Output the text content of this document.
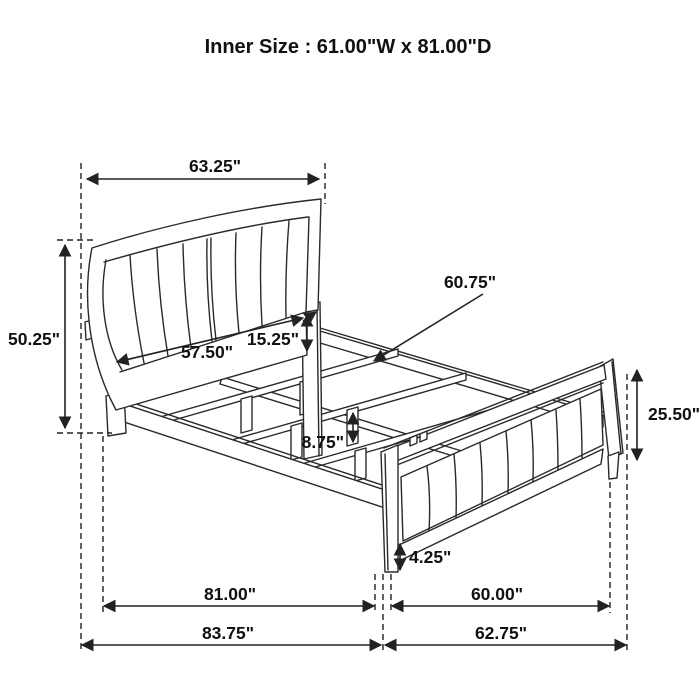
63.25"
50.25"
57.50"
15.25"
60.75"
8.75"
25.50"
4.25"
81.00"	60.00"
83.75"	62.75"
Inner Size : 61.00"W x 81.00"D
